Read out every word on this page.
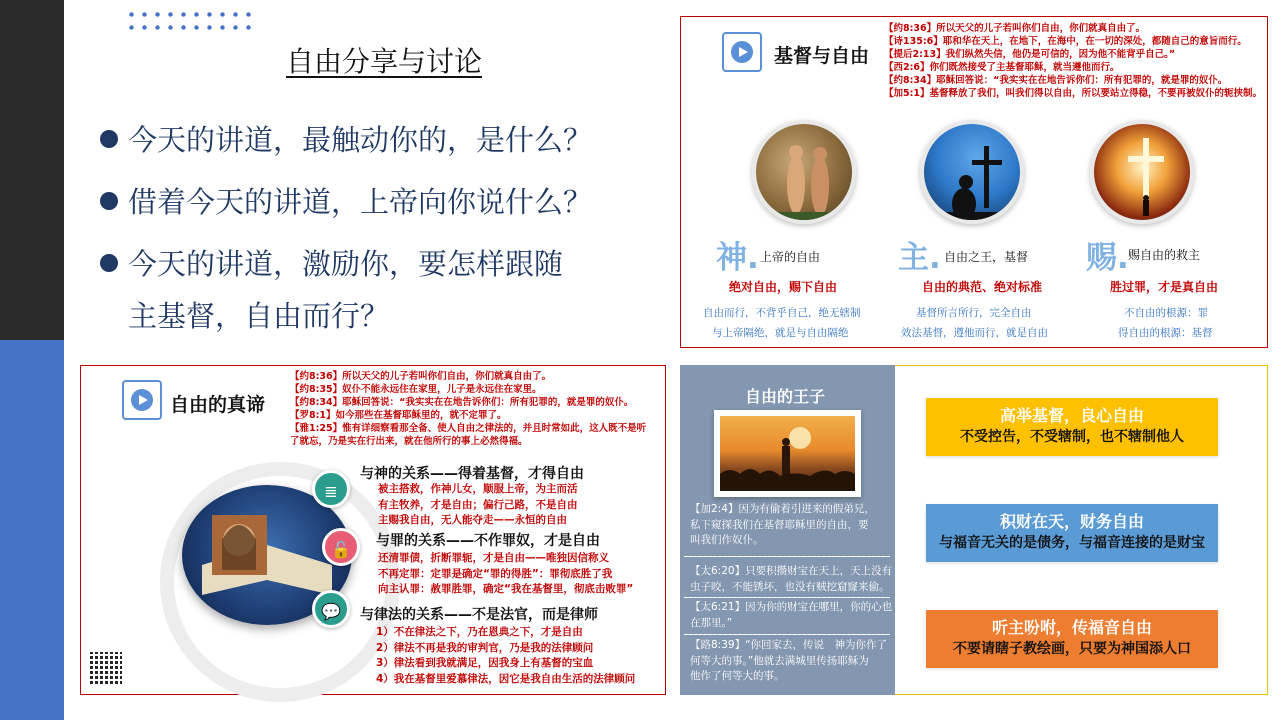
自由分享与讨论
今天的讲道，最触动你的，是什么？
借着今天的讲道，上帝向你说什么？
今天的讲道，激励你，要怎样跟随
主基督，自由而行？
基督与自由
【约8:36】所以天父的儿子若叫你们自由，你们就真自由了。
【诗135:6】耶和华在天上，在地下，在海中，在一切的深处，都随自己的意旨而行。
【提后2:13】我们纵然失信，他仍是可信的，因为他不能背乎自己。”
【西2:6】你们既然接受了主基督耶稣，就当遵他而行。
【约8:34】耶稣回答说：“我实实在在地告诉你们：所有犯罪的，就是罪的奴仆。
【加5:1】基督释放了我们，叫我们得以自由，所以要站立得稳，不要再被奴仆的轭挟制。
神. 上帝的自由
绝对自由，赐下自由
自由而行，不背乎自己，绝无辖制
与上帝隔绝，就是与自由隔绝
主. 自由之王，基督
自由的典范、绝对标准
基督所言所行，完全自由
效法基督，遵他而行，就是自由
赐. 赐自由的救主
胜过罪，才是真自由
不自由的根源：罪
得自由的根源：基督
自由的真谛
【约8:36】所以天父的儿子若叫你们自由，你们就真自由了。
【约8:35】奴仆不能永远住在家里，儿子是永远住在家里。
【约8:34】耶稣回答说：“我实实在在地告诉你们：所有犯罪的，就是罪的奴仆。
【罗8:1】如今那些在基督耶稣里的，就不定罪了。
【雅1:25】惟有详细察看那全备、使人自由之律法的，并且时常如此，这人既不是听
了就忘，乃是实在行出来，就在他所行的事上必然得福。
≣
🔓
💬
与神的关系——得着基督，才得自由
被主搭救，作神儿女，顺服上帝，为主而活
有主牧养，才是自由；偏行己路，不是自由
主赐我自由，无人能夺走——永恒的自由
与罪的关系——不作罪奴，才是自由
还清罪债，折断罪轭，才是自由——唯独因信称义
不再定罪：定罪是确定“罪的得胜”：罪彻底胜了我
向主认罪：赦罪胜罪，确定“我在基督里，彻底击败罪”
与律法的关系——不是法官，而是律师
1）不在律法之下，乃在恩典之下，才是自由
2）律法不再是我的审判官，乃是我的法律顾问
3）律法看到我就满足，因我身上有基督的宝血
4）我在基督里爱慕律法，因它是我自由生活的法律顾问
自由的王子
【加2:4】因为有偷着引进来的假弟兄，
私下窥探我们在基督耶稣里的自由，要
叫我们作奴仆。
【太6:20】只要积攒财宝在天上，天上没有
虫子咬，不能锈坏，也没有贼挖窟窿来偷。
【太6:21】因为你的财宝在哪里，你的心也
在那里。”
【路8:39】“你回家去，传说　神为你作了
何等大的事。”他就去满城里传扬耶稣为
他作了何等大的事。
高举基督，良心自由
不受控告，不受辖制，也不辖制他人
积财在天，财务自由
与福音无关的是债务，与福音连接的是财宝
听主吩咐，传福音自由
不要请瞎子教绘画，只要为神国添人口
